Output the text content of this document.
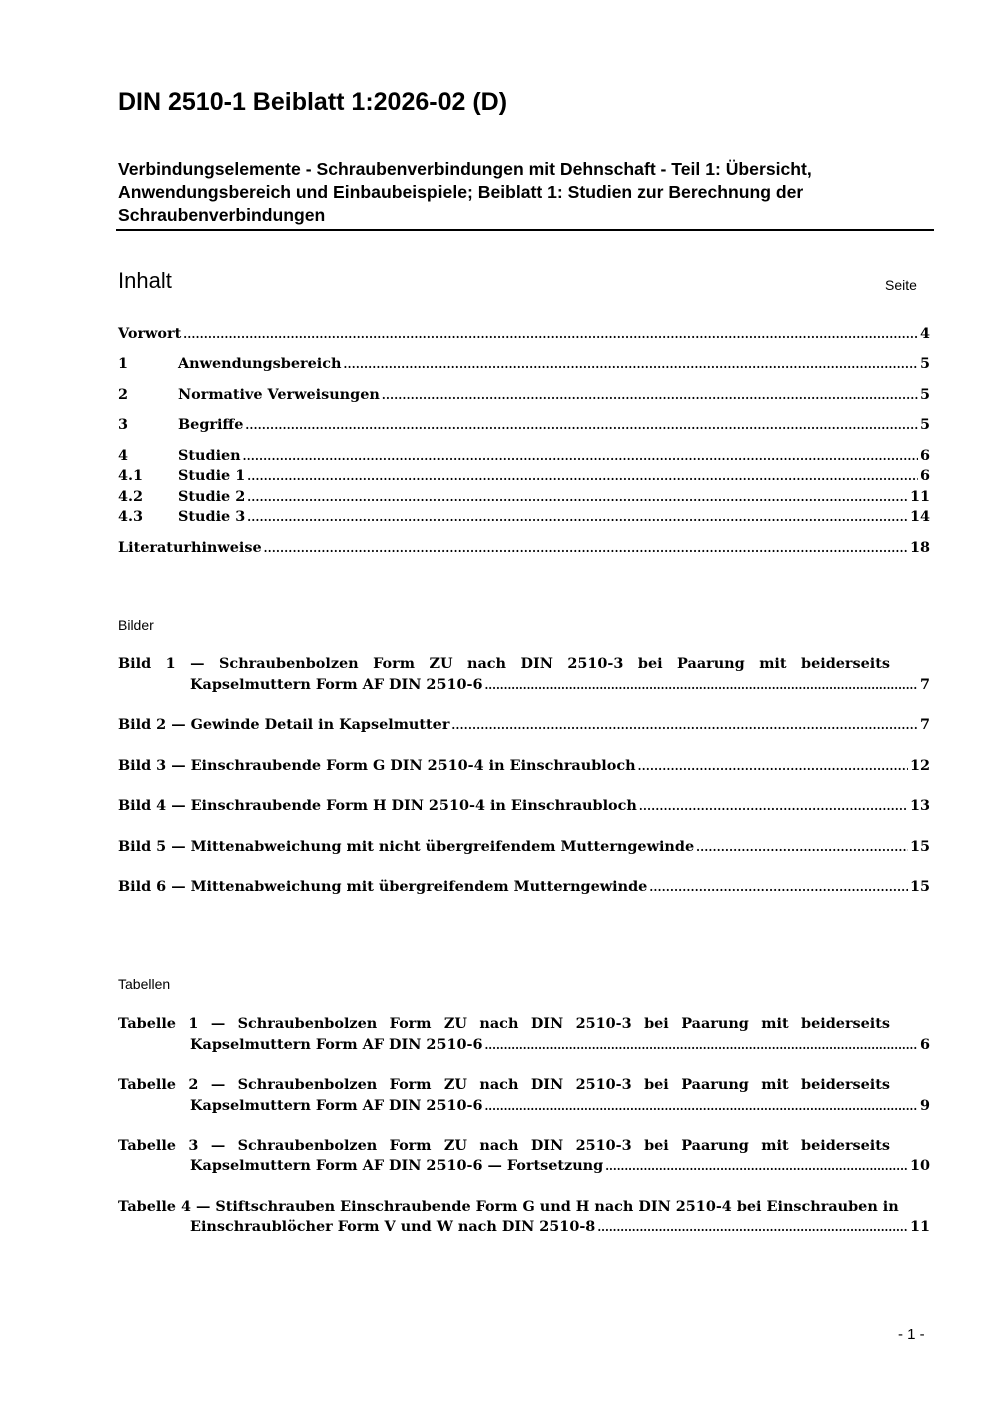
DIN 2510-1 Beiblatt 1:2026-02 (D)
Verbindungselemente - Schraubenverbindungen mit Dehnschaft - Teil 1: Übersicht, Anwendungsbereich und Einbaubeispiele; Beiblatt 1: Studien zur Berechnung der Schraubenverbindungen
Inhalt	Seite
Vorwort .....	4
1	Anwendungsbereich .....	5
2	Normative Verweisungen .....	5
3	Begriffe .....	5
4	Studien .....	6
4.1	Studie 1 .....	6
4.2	Studie 2 .....	11
4.3	Studie 3 .....	14
Literaturhinweise .....	18
Bilder
Bild 1 — Schraubenbolzen Form ZU nach DIN 2510-3 bei Paarung mit beiderseits
Kapselmuttern Form AF DIN 2510-6 .....	7
Bild 2 — Gewinde Detail in Kapselmutter .....	7
Bild 3 — Einschraubende Form G DIN 2510-4 in Einschraubloch .....	12
Bild 4 — Einschraubende Form H DIN 2510-4 in Einschraubloch .....	13
Bild 5 — Mittenabweichung mit nicht übergreifendem Mutterngewinde .....	15
Bild 6 — Mittenabweichung mit übergreifendem Mutterngewinde .....	15
Tabellen
Tabelle 1 — Schraubenbolzen Form ZU nach DIN 2510-3 bei Paarung mit beiderseits
Kapselmuttern Form AF DIN 2510-6 .....	6
Tabelle 2 — Schraubenbolzen Form ZU nach DIN 2510-3 bei Paarung mit beiderseits
Kapselmuttern Form AF DIN 2510-6 .....	9
Tabelle 3 — Schraubenbolzen Form ZU nach DIN 2510-3 bei Paarung mit beiderseits
Kapselmuttern Form AF DIN 2510-6 — Fortsetzung .....	10
Tabelle 4 — Stiftschrauben Einschraubende Form G und H nach DIN 2510-4 bei Einschrauben in
Einschraublöcher Form V und W nach DIN 2510-8 .....	11
- 1 -
